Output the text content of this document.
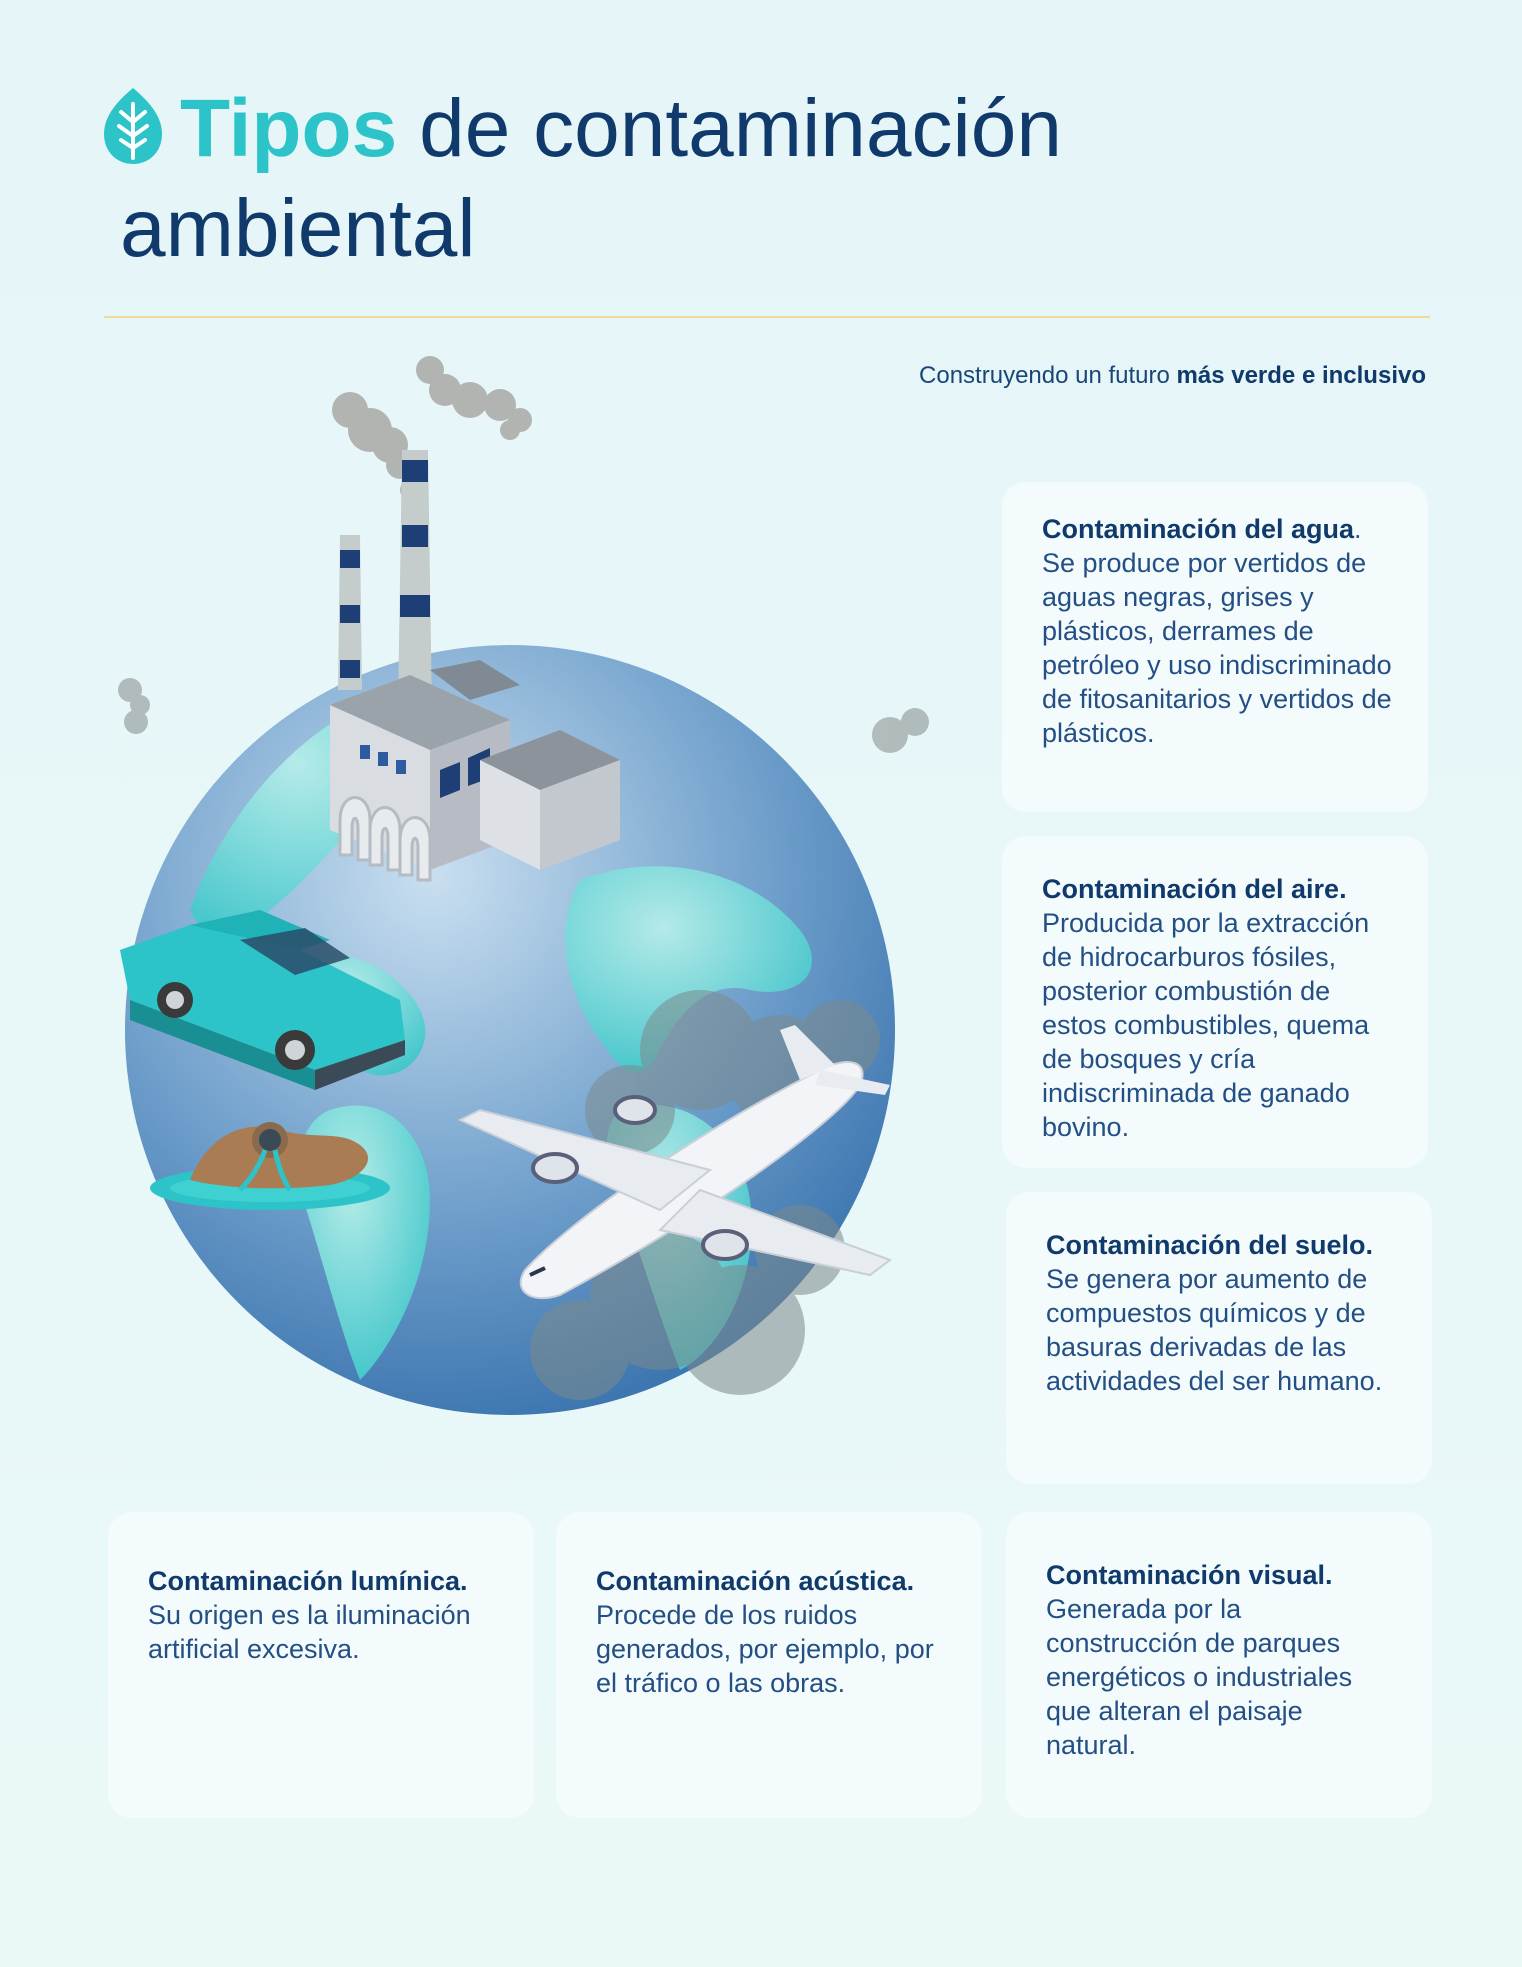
Tipos de contaminación
ambiental
Construyendo un futuro más verde e inclusivo
Contaminación del agua.
Se produce por vertidos de aguas negras, grises y plásticos, derrames de petróleo y uso indiscriminado de fitosanitarios y vertidos de plásticos.
Contaminación del aire.
Producida por la extracción de hidrocarburos fósiles, posterior combustión de estos combustibles, quema de bosques y cría indiscriminada de ganado bovino.
Contaminación del suelo.
Se genera por aumento de compuestos químicos y de basuras derivadas de las actividades del ser humano.
Contaminación lumínica.
Su origen es la iluminación artificial excesiva.
Contaminación acústica.
Procede de los ruidos generados, por ejemplo, por el tráfico o las obras.
Contaminación visual.
Generada por la construcción de parques energéticos o industriales que alteran el paisaje natural.
